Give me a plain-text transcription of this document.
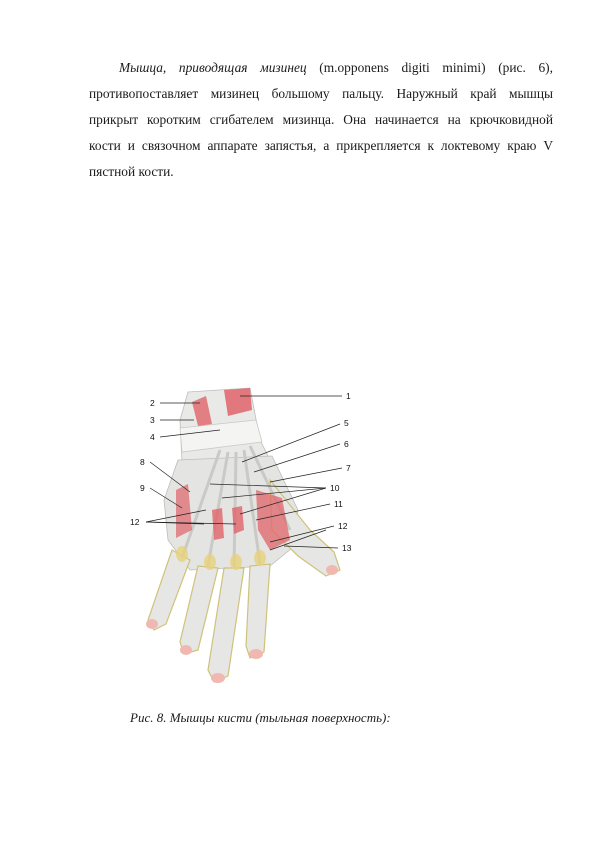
Мышца, приводящая мизинец (m.opponens digiti minimi) (рис. 6),
противопоставляет мизинец большому пальцу. Наружный край мышцы
прикрыт коротким сгибателем мизинца. Она начинается на крючковидной
кости и связочном аппарате запястья, а прикрепляется к локтевому краю V
пястной кости.
1
2
3
4
5
6
7
8
9	10
11
12	12
13
Рис. 8. Мышцы кисти (тыльная поверхность):
